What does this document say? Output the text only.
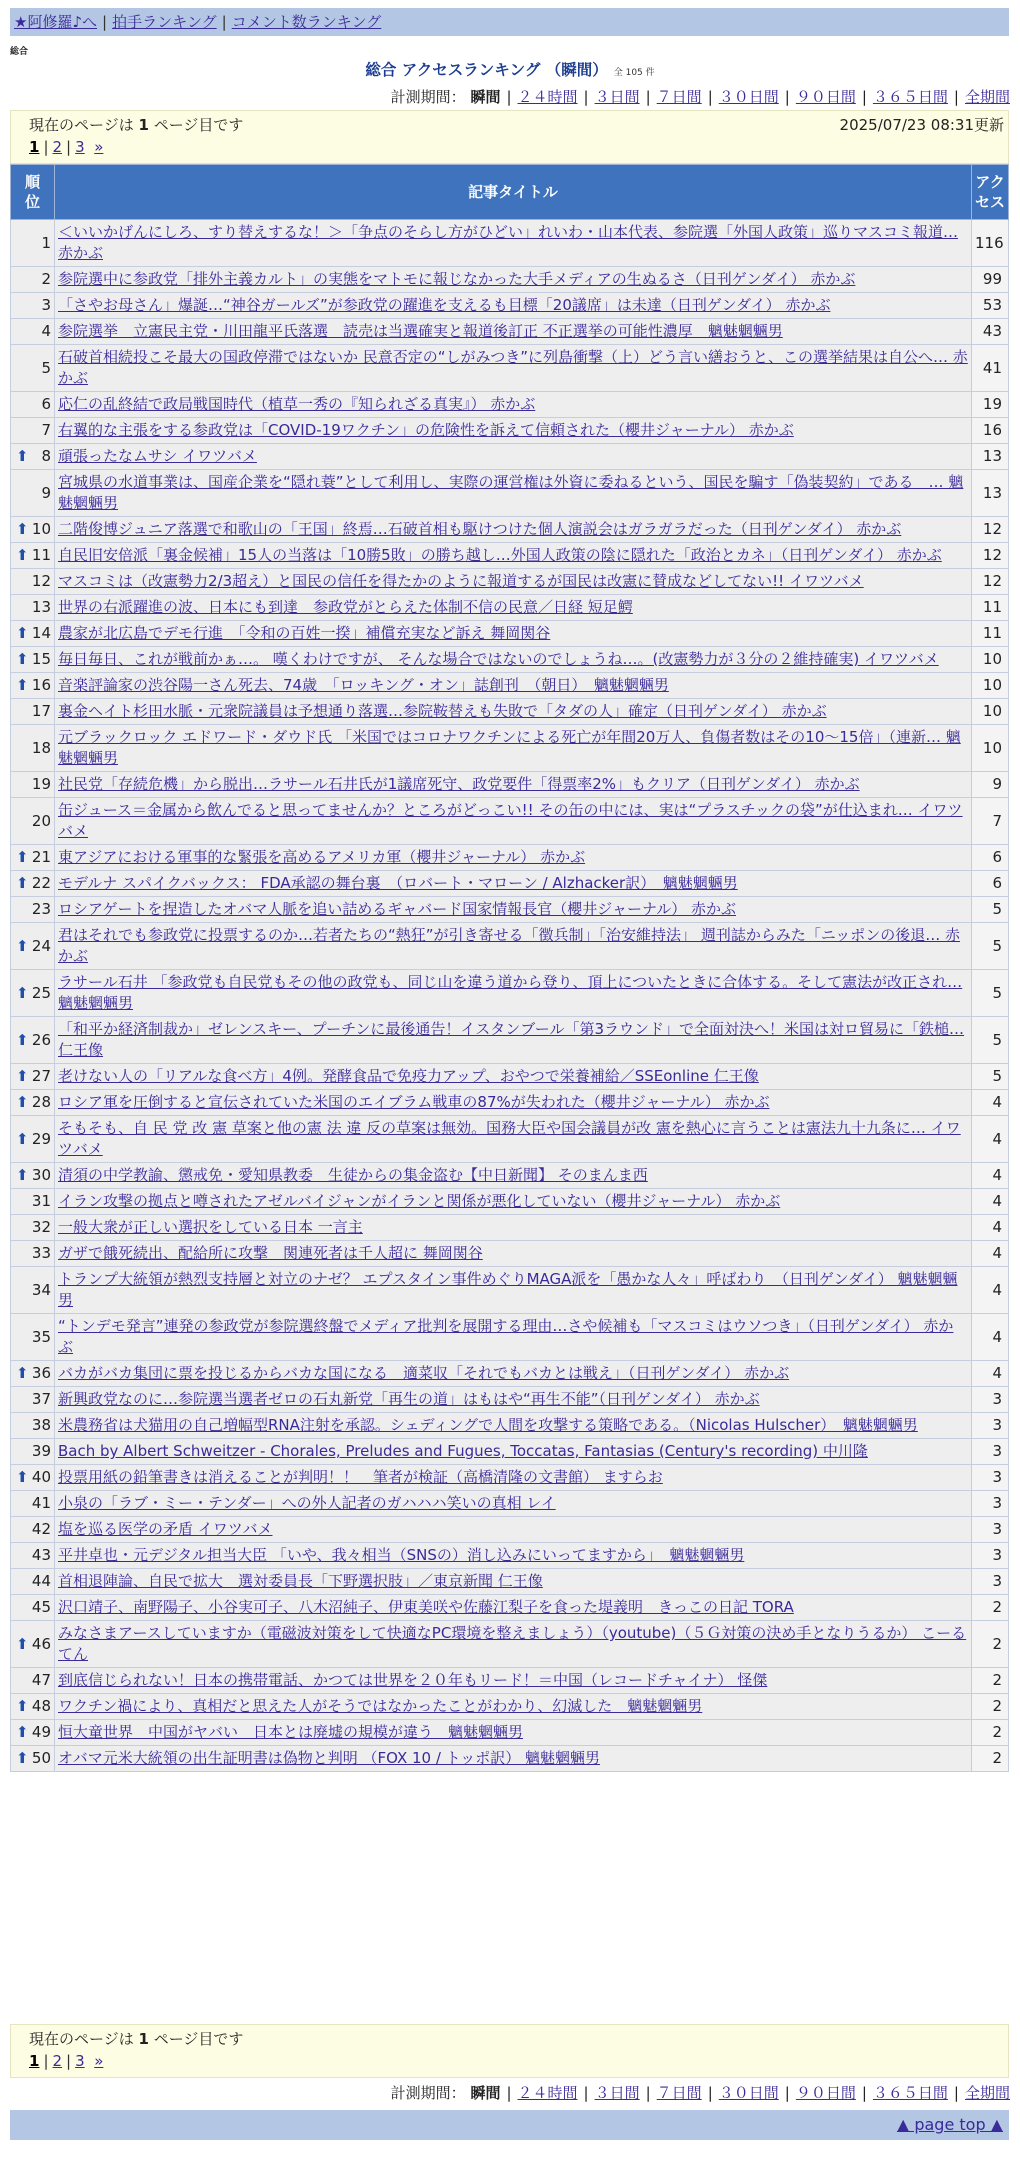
★阿修羅♪へ | 拍手ランキング | コメント数ランキング
総合
総合 アクセスランキング （瞬間） 全 105 件
計測期間： 瞬間 | ２４時間 | ３日間 | ７日間 | ３０日間 | ９０日間 | ３６５日間 | 全期間
現在のページは 1 ページ目です	2025/07/23 08:31更新
1 | 2 | 3 »
順位	記事タイトル	アクセス
1	＜いいかげんにしろ、すり替えするな！＞「争点のそらし方がひどい」れいわ・山本代表、参院選「外国人政策」巡りマスコミ報道… 赤かぶ	116
2	参院選中に参政党「排外主義カルト」の実態をマトモに報じなかった大手メディアの生ぬるさ（日刊ゲンダイ） 赤かぶ	99
3	「さやお母さん」爆誕…“神谷ガールズ”が参政党の躍進を支えるも目標「20議席」は未達（日刊ゲンダイ） 赤かぶ	53
4	参院選挙　立憲民主党・川田龍平氏落選　読売は当選確実と報道後訂正 不正選挙の可能性濃厚　魑魅魍魎男	43
5	石破首相続投こそ最大の国政停滞ではないか 民意否定の“しがみつき”に列島衝撃（上）どう言い繕おうと、この選挙結果は自公へ… 赤かぶ	41
6	応仁の乱終結で政局戦国時代（植草一秀の『知られざる真実』） 赤かぶ	19
7	右翼的な主張をする参政党は「COVID-19ワクチン」の危険性を訴えて信頼された（櫻井ジャーナル） 赤かぶ	16

⬆ 8	頑張ったなムサシ イワツバメ	13
9	宮城県の水道事業は、国産企業を“隠れ蓑”として利用し、実際の運営権は外資に委ねるという、国民を騙す「偽装契約」である　… 魑魅魍魎男	13

⬆ 10	二階俊博ジュニア落選で和歌山の「王国」終焉…石破首相も駆けつけた個人演説会はガラガラだった（日刊ゲンダイ） 赤かぶ	12

⬆ 11	自民旧安倍派「裏金候補」15人の当落は「10勝5敗」の勝ち越し…外国人政策の陰に隠れた「政治とカネ」（日刊ゲンダイ） 赤かぶ	12
12	マスコミは（改憲勢力2/3超え）と国民の信任を得たかのように報道するが国民は改憲に賛成などしてない!! イワツバメ	12
13	世界の右派躍進の波、日本にも到達　参政党がとらえた体制不信の民意／日経 短足鰐	11

⬆ 14	農家が北広島でデモ行進　「令和の百姓一揆」補償充実など訴え 舞岡関谷	11

⬆ 15	毎日毎日、これが戦前かぁ…。 嘆くわけですが、 そんな場合ではないのでしょうね…。(改憲勢力が３分の２維持確実) イワツバメ	10

⬆ 16	音楽評論家の渋谷陽一さん死去、74歳　「ロッキング・オン」誌創刊　（朝日）　魑魅魍魎男	10
17	裏金ヘイト杉田水脈・元衆院議員は予想通り落選…参院鞍替えも失敗で「タダの人」確定（日刊ゲンダイ） 赤かぶ	10
18	元ブラックロック エドワード・ダウド氏 「米国ではコロナワクチンによる死亡が年間20万人、負傷者数はその10～15倍」（連新… 魑魅魍魎男	10
19	社民党「存続危機」から脱出…ラサール石井氏が1議席死守、政党要件「得票率2%」もクリア（日刊ゲンダイ） 赤かぶ	9
20	缶ジュース＝金属から飲んでると思ってませんか？ところがどっこい!! その缶の中には、実は“プラスチックの袋”が仕込まれ… イワツバメ	7

⬆ 21	東アジアにおける軍事的な緊張を高めるアメリカ軍（櫻井ジャーナル） 赤かぶ	6

⬆ 22	モデルナ スパイクバックス： FDA承認の舞台裏　（ロバート・マローン / Alzhacker訳）　魑魅魍魎男	6
23	ロシアゲートを捏造したオバマ人脈を追い詰めるギャバード国家情報長官（櫻井ジャーナル） 赤かぶ	5

⬆ 24	君はそれでも参政党に投票するのか…若者たちの“熱狂”が引き寄せる「徴兵制」「治安維持法」 週刊誌からみた「ニッポンの後退… 赤かぶ	5

⬆ 25	ラサール石井 「参政党も自民党もその他の政党も、同じ山を違う道から登り、頂上についたときに合体する。そして憲法が改正され… 魑魅魍魎男	5

⬆ 26	「和平か経済制裁か」ゼレンスキー、プーチンに最後通告！イスタンブール「第3ラウンド」で全面対決へ！米国は対ロ貿易に「鉄槌… 仁王像	5

⬆ 27	老けない人の「リアルな食べ方」4例。発酵食品で免疫力アップ、おやつで栄養補給／SSEonline 仁王像	5

⬆ 28	ロシア軍を圧倒すると宣伝されていた米国のエイブラム戦車の87%が失われた（櫻井ジャーナル） 赤かぶ	4

⬆ 29	そもそも、自 民 党 改 憲 草案と他の憲 法 違 反の草案は無効。国務大臣や国会議員が改 憲を熱心に言うことは憲法九十九条に… イワツバメ	4

⬆ 30	清須の中学教諭、懲戒免・愛知県教委　生徒からの集金盗む【中日新聞】 そのまんま西	4
31	イラン攻撃の拠点と噂されたアゼルバイジャンがイランと関係が悪化していない（櫻井ジャーナル） 赤かぶ	4
32	一般大衆が正しい選択をしている日本 一言主	4
33	ガザで餓死続出、配給所に攻撃　関連死者は千人超に 舞岡関谷	4
34	トランプ大統領が熱烈支持層と対立のナゼ？ エプスタイン事件めぐりMAGA派を「愚かな人々」呼ばわり　（日刊ゲンダイ） 魑魅魍魎男	4
35	“トンデモ発言”連発の参政党が参院選終盤でメディア批判を展開する理由…さや候補も「マスコミはウソつき」（日刊ゲンダイ） 赤かぶ	4

⬆ 36	バカがバカ集団に票を投じるからバカな国になる　適菜収「それでもバカとは戦え」（日刊ゲンダイ） 赤かぶ	4
37	新興政党なのに…参院選当選者ゼロの石丸新党「再生の道」はもはや“再生不能”（日刊ゲンダイ） 赤かぶ	3
38	米農務省は犬猫用の自己増幅型RNA注射を承認。シェディングで人間を攻撃する策略である。（Nicolas Hulscher）　魑魅魍魎男	3
39	Bach by Albert Schweitzer - Chorales, Preludes and Fugues, Toccatas, Fantasias (Century's recording) 中川隆	3

⬆ 40	投票用紙の鉛筆書きは消えることが判明！！　筆者が検証（高橋清隆の文書館） ますらお	3
41	小泉の「ラブ・ミー・テンダー」への外人記者のガハハハ笑いの真相 レイ	3
42	塩を巡る医学の矛盾 イワツバメ	3
43	平井卓也・元デジタル担当大臣 「いや、我々相当（SNSの）消し込みにいってますから」　魑魅魍魎男	3
44	首相退陣論、自民で拡大　選対委員長「下野選択肢」／東京新聞 仁王像	3
45	沢口靖子、南野陽子、小谷実可子、八木沼純子、伊東美咲や佐藤江梨子を食った堤義明　きっこの日記 TORA	2

⬆ 46	みなさまアースしていますか（電磁波対策をして快適なPC環境を整えましょう）（youtube)（５Ｇ対策の決め手となりうるか） こーるてん	2
47	到底信じられない！日本の携帯電話、かつては世界を２０年もリード！＝中国（レコードチャイナ） 怪傑	2

⬆ 48	ワクチン禍により、真相だと思えた人がそうではなかったことがわかり、幻滅した　魑魅魍魎男	2

⬆ 49	恒大童世界　中国がヤバい　日本とは廃墟の規模が違う　魑魅魍魎男	2

⬆ 50	オバマ元米大統領の出生証明書は偽物と判明 （FOX 10 / トッポ訳） 魑魅魍魎男	2
現在のページは 1 ページ目です
1 | 2 | 3 »
計測期間： 瞬間 | ２４時間 | ３日間 | ７日間 | ３０日間 | ９０日間 | ３６５日間 | 全期間
▲ page top ▲
